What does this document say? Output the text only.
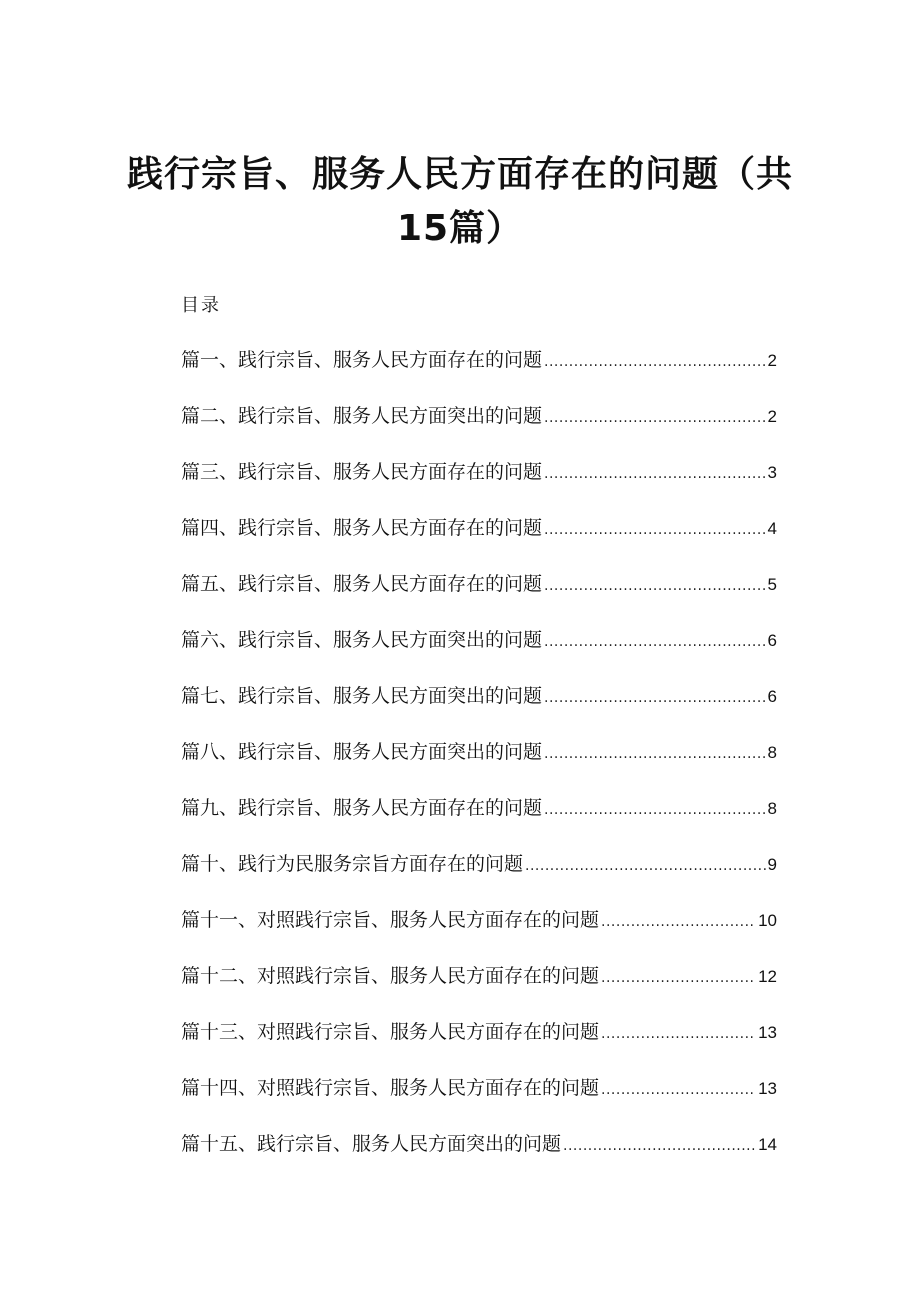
践行宗旨、服务人民方面存在的问题（共15篇）
目录
篇一、践行宗旨、服务人民方面存在的问题 .....	2
篇二、践行宗旨、服务人民方面突出的问题 .....	2
篇三、践行宗旨、服务人民方面存在的问题 .....	3
篇四、践行宗旨、服务人民方面存在的问题 .....	4
篇五、践行宗旨、服务人民方面存在的问题 .....	5
篇六、践行宗旨、服务人民方面突出的问题 .....	6
篇七、践行宗旨、服务人民方面突出的问题 .....	6
篇八、践行宗旨、服务人民方面突出的问题 .....	8
篇九、践行宗旨、服务人民方面存在的问题 .....	8
篇十、践行为民服务宗旨方面存在的问题 .....	9
篇十一、对照践行宗旨、服务人民方面存在的问题 .....	10
篇十二、对照践行宗旨、服务人民方面存在的问题 .....	12
篇十三、对照践行宗旨、服务人民方面存在的问题 .....	13
篇十四、对照践行宗旨、服务人民方面存在的问题 .....	13
篇十五、践行宗旨、服务人民方面突出的问题 .....	14
